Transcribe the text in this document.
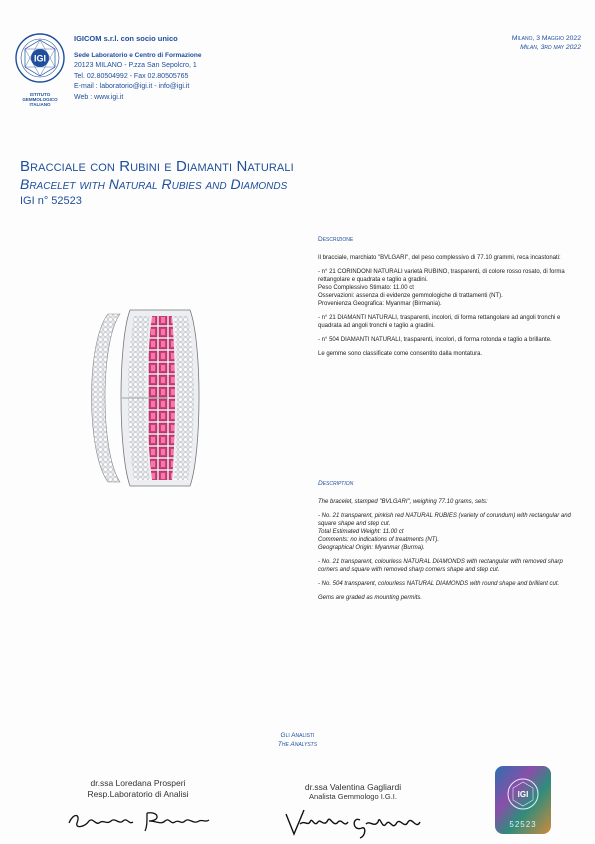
IGI
ISTITUTO
GEMMOLOGICO
ITALIANO
IGICOM s.r.l. con socio unico
Sede Laboratorio e Centro di Formazione
20123 MILANO - P.zza San Sepolcro, 1
Tel. 02.80504992 - Fax 02.80505765
E-mail : laboratorio@igi.it - info@igi.it
Web : www.igi.it
Milano, 3 Maggio 2022
Milan, 3rd may 2022
Bracciale con Rubini e Diamanti Naturali
Bracelet with Natural Rubies and Diamonds
IGI n° 52523
Descrizione

Il bracciale, marchiato "BVLGARI", del peso complessivo di 77.10 grammi, reca incastonati:

- n° 21 CORINDONI NATURALI varietà RUBINO, trasparenti, di colore rosso rosato, di forma rettangolare e quadrata e taglio a gradini.

Peso Complessivo Stimato: 11.00 ct
Osservazioni: assenza di evidenze gemmologiche di trattamenti (NT).

Provenienza Geografica: Myanmar (Birmania).

- n° 21 DIAMANTI NATURALI, trasparenti, incolori, di forma rettangolare ad angoli tronchi e quadrata ad angoli tronchi e taglio a gradini.

- n° 504 DIAMANTI NATURALI, trasparenti, incolori, di forma rotonda e taglio a brillante.

Le gemme sono classificate come consentito dalla montatura.

Description

The bracelet, stamped "BVLGARI", weighing 77.10 grams, sets:

- No. 21 transparent, pinkish red NATURAL RUBIES (variety of corundum) with rectangular and square shape and step cut.

Total Estimated Weight: 11.00 ct
Comments: no indications of treatments (NT).

Geographical Origin: Myanmar (Burma).

- No. 21 transparent, colourless NATURAL DIAMONDS with rectangular with removed sharp corners and square with removed sharp corners shape and step cut.

- No. 504 transparent, colourless NATURAL DIAMONDS with round shape and brilliant cut.

Gems are graded as mounting permits.

Gli Analisti
The Analysts
dr.ssa Loredana Prosperi
Resp.Laboratorio di Analisi
dr.ssa Valentina Gagliardi
Analista Gemmologo I.G.I.	IGI
52523
